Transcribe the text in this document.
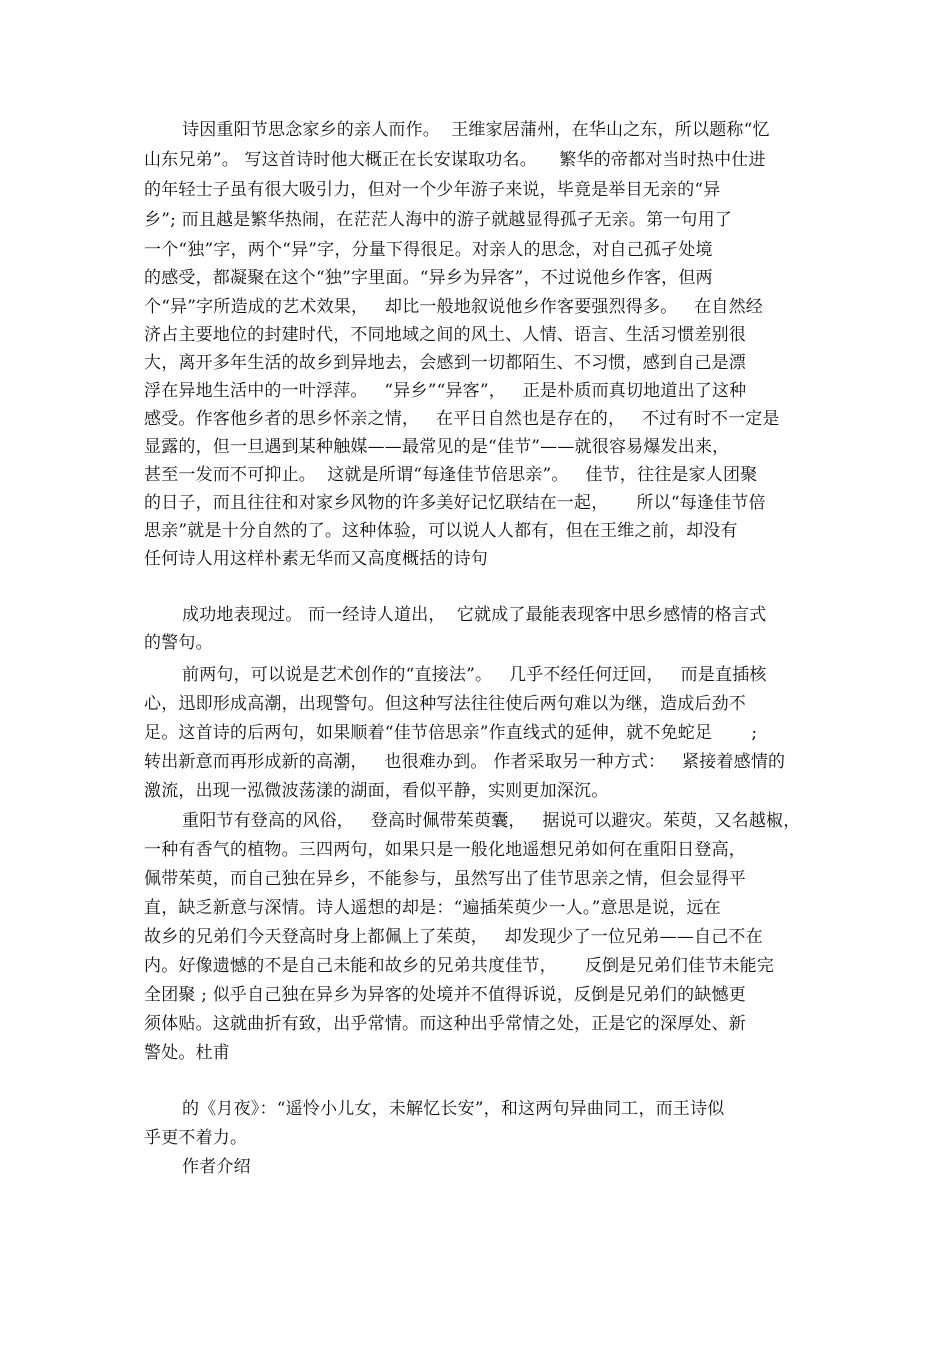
诗因重阳节思念家乡的亲人而作。  王维家居蒲州，在华山之东，所以题称“忆
山东兄弟”。 写这首诗时他大概正在长安谋取功名。    繁华的帝都对当时热中仕进
的年轻士子虽有很大吸引力，但对一个少年游子来说，毕竟是举目无亲的“异
乡”; 而且越是繁华热闹，在茫茫人海中的游子就越显得孤孑无亲。第一句用了
一个“独”字，两个“异”字，分量下得很足。对亲人的思念，对自己孤孑处境
的感受，都凝聚在这个“独”字里面。“异乡为异客”，不过说他乡作客，但两
个“异”字所造成的艺术效果，   却比一般地叙说他乡作客要强烈得多。   在自然经
济占主要地位的封建时代，不同地域之间的风土、人情、语言、生活习惯差别很
大，离开多年生活的故乡到异地去，会感到一切都陌生、不习惯，感到自己是漂
浮在异地生活中的一叶浮萍。   “异乡”“异客”，   正是朴质而真切地道出了这种
感受。作客他乡者的思乡怀亲之情，   在平日自然也是存在的，   不过有时不一定是
显露的，但一旦遇到某种触媒——最常见的是“佳节”——就很容易爆发出来，
甚至一发而不可抑止。  这就是所谓“每逢佳节倍思亲”。   佳节，往往是家人团聚
的日子，而且往往和对家乡风物的许多美好记忆联结在一起，     所以“每逢佳节倍
思亲”就是十分自然的了。这种体验，可以说人人都有，但在王维之前，却没有
任何诗人用这样朴素无华而又高度概括的诗句
成功地表现过。 而一经诗人道出，  它就成了最能表现客中思乡感情的格言式
的警句。
前两句，可以说是艺术创作的“直接法”。   几乎不经任何迂回，   而是直插核
心，迅即形成高潮，出现警句。但这种写法往往使后两句难以为继，造成后劲不
足。这首诗的后两句，如果顺着“佳节倍思亲”作直线式的延伸，就不免蛇足       ;
转出新意而再形成新的高潮，   也很难办到。 作者采取另一种方式：   紧接着感情的
激流，出现一泓微波荡漾的湖面，看似平静，实则更加深沉。
重阳节有登高的风俗，   登高时佩带茱萸囊，   据说可以避灾。茱萸，又名越椒，
一种有香气的植物。三四两句，如果只是一般化地遥想兄弟如何在重阳日登高，
佩带茱萸，而自己独在异乡，不能参与，虽然写出了佳节思亲之情，但会显得平
直，缺乏新意与深情。诗人遥想的却是：“遍插茱萸少一人。”意思是说，远在
故乡的兄弟们今天登高时身上都佩上了茱萸，   却发现少了一位兄弟——自己不在
内。好像遗憾的不是自己未能和故乡的兄弟共度佳节，     反倒是兄弟们佳节未能完
全团聚 ; 似乎自己独在异乡为异客的处境并不值得诉说，反倒是兄弟们的缺憾更
须体贴。这就曲折有致，出乎常情。而这种出乎常情之处，正是它的深厚处、新
警处。杜甫
的《月夜》：“遥怜小儿女，未解忆长安”，和这两句异曲同工，而王诗似
乎更不着力。
作者介绍
